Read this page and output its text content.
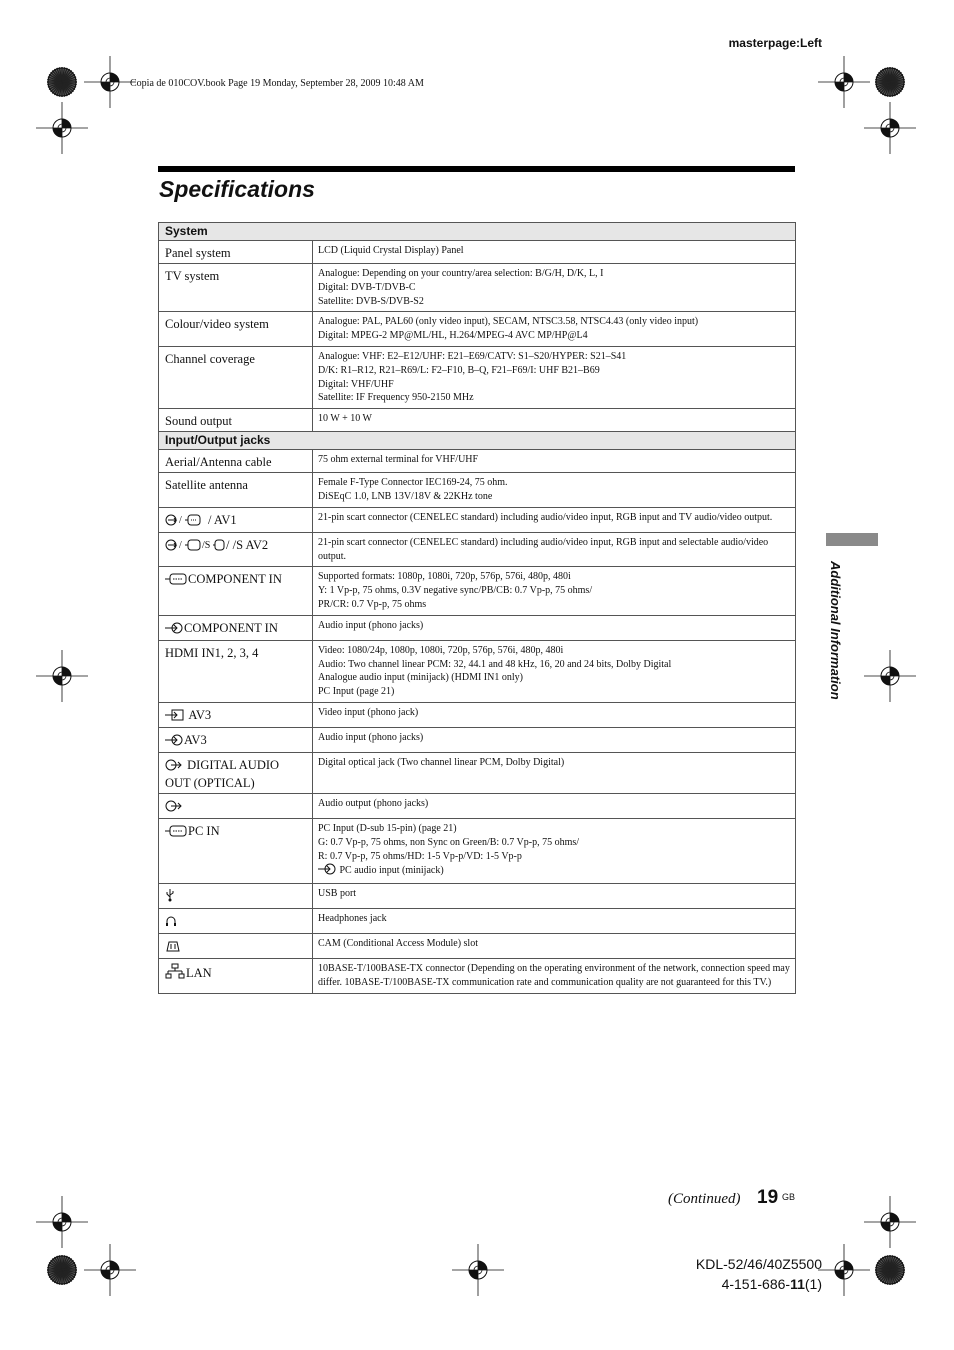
masterpage:Left
Copia de 010COV.book Page 19 Monday, September 28, 2009 10:48 AM
Specifications
System	
Panel system	LCD (Liquid Crystal Display) Panel

TV system	Analogue: Depending on your country/area selection: B/G/H, D/K, L, I
Digital: DVB-T/DVB-C
Satellite: DVB-S/DVB-S2

Colour/video system	Analogue: PAL, PAL60 (only video input), SECAM, NTSC3.58, NTSC4.43 (only video input)
Digital: MPEG-2 MP@ML/HL, H.264/MPEG-4 AVC MP/HP@L4

Channel coverage	Analogue: VHF: E2–E12/UHF: E21–E69/CATV: S1–S20/HYPER: S21–S41
D/K: R1–R12, R21–R69/L: F2–F10, B–Q, F21–F69/I: UHF B21–B69
Digital: VHF/UHF
Satellite: IF Frequency 950-2150 MHz

Sound output	10 W + 10 W

Input/Output jacks	
Aerial/Antenna cable	75 ohm external terminal for VHF/UHF

Satellite antenna	Female F-Type Connector IEC169-24, 75 ohm.
DiSEqC 1.0, LNB 13V/18V & 22KHz tone

/ / AV1	21-pin scart connector (CENELEC standard) including audio/video input, RGB input and TV audio/video output.

/ /S / /S AV2	21-pin scart connector (CENELEC standard) including audio/video input, RGB input and selectable audio/video output.

COMPONENT IN	Supported formats: 1080p, 1080i, 720p, 576p, 576i, 480p, 480i
Y: 1 Vp-p, 75 ohms, 0.3V negative sync/PB/CB: 0.7 Vp-p, 75 ohms/
PR/CR: 0.7 Vp-p, 75 ohms

COMPONENT IN	Audio input (phono jacks)

HDMI IN1, 2, 3, 4	Video: 1080/24p, 1080p, 1080i, 720p, 576p, 576i, 480p, 480i
Audio: Two channel linear PCM: 32, 44.1 and 48 kHz, 16, 20 and 24 bits, Dolby Digital
Analogue audio input (minijack) (HDMI IN1 only)
PC Input (page 21)

AV3	Video input (phono jack)

AV3	Audio input (phono jacks)

DIGITAL AUDIO OUT (OPTICAL)	Digital optical jack (Two channel linear PCM, Dolby Digital)

Audio output (phono jacks)

PC IN	PC Input (D-sub 15-pin) (page 21)
G: 0.7 Vp-p, 75 ohms, non Sync on Green/B: 0.7 Vp-p, 75 ohms/
R: 0.7 Vp-p, 75 ohms/HD: 1-5 Vp-p/VD: 1-5 Vp-p
PC audio input (minijack)

USB port

Headphones jack

CAM (Conditional Access Module) slot

LAN	10BASE-T/100BASE-TX connector (Depending on the operating environment of the network, connection speed may differ. 10BASE-T/100BASE-TX communication rate and communication quality are not guaranteed for this TV.)
Additional Information
(Continued) 19 GB
KDL-52/46/40Z5500
4-151-686-11(1)
